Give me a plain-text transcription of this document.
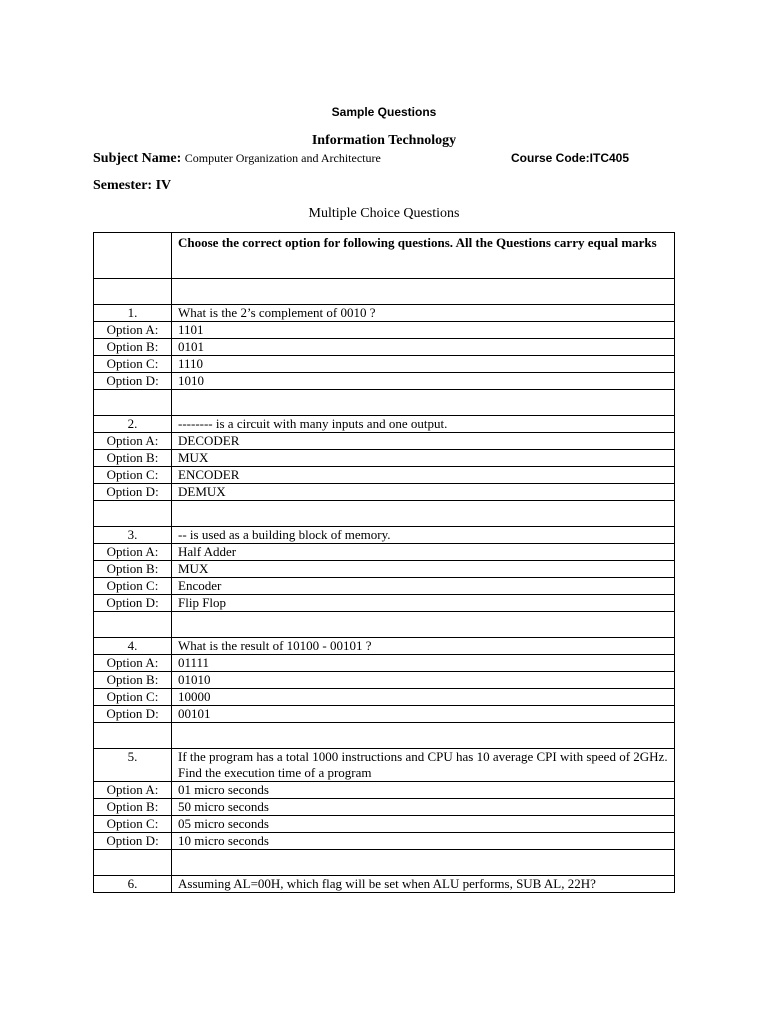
Sample Questions
Information Technology
Subject Name: Computer Organization and Architecture	Course Code:ITC405
Semester: IV
Multiple Choice Questions
	Choose the correct option for following questions. All the Questions carry equal marks

1.	What is the 2’s complement of 0010 ?
Option A:	1101
Option B:	0101
Option C:	1110
Option D:	1010

2.	-------- is a circuit with many inputs and one output.
Option A:	DECODER
Option B:	MUX
Option C:	ENCODER
Option D:	DEMUX

3.	-- is used as a building block of memory.
Option A:	Half Adder
Option B:	MUX
Option C:	Encoder
Option D:	Flip Flop

4.	What is the result of 10100 - 00101 ?
Option A:	01111
Option B:	01010
Option C:	10000
Option D:	00101

5.	If the program has a total 1000 instructions and CPU has 10 average CPI with speed of 2GHz. Find the execution time of a program
Option A:	01 micro seconds
Option B:	50 micro seconds
Option C:	05 micro seconds
Option D:	10 micro seconds

6.	Assuming AL=00H, which flag will be set when ALU performs, SUB AL, 22H?
